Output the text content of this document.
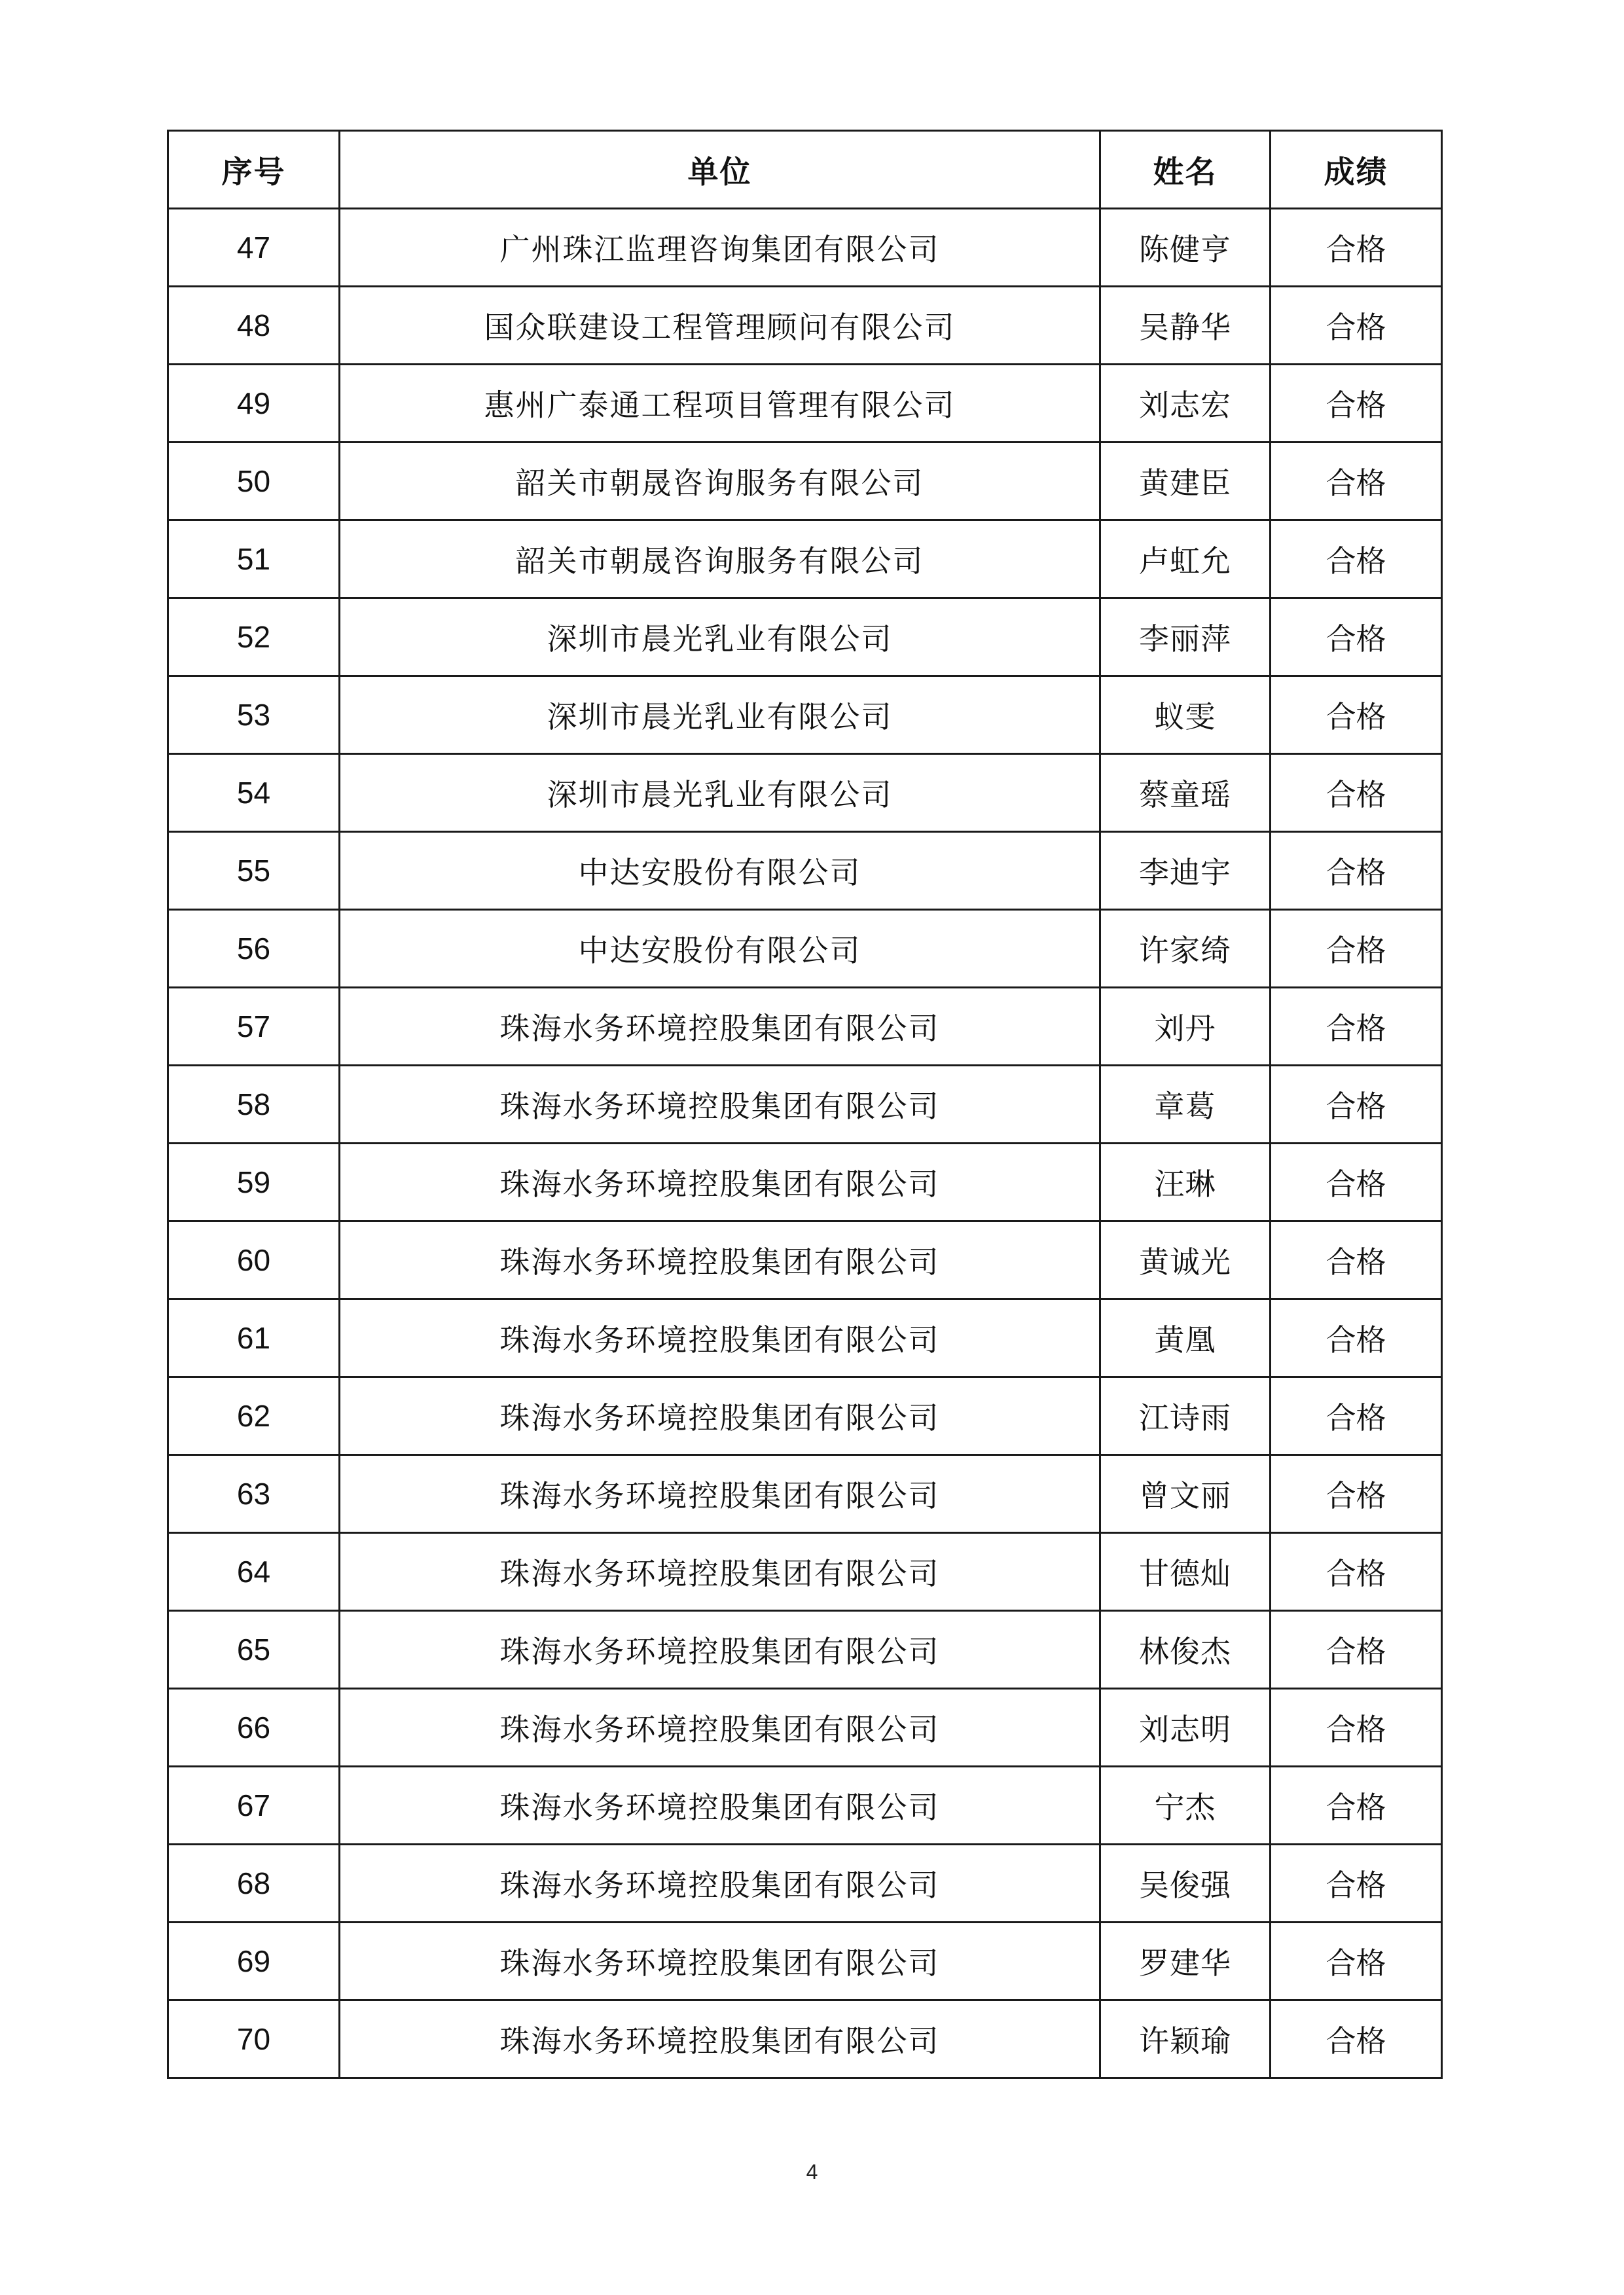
序号	单位	姓名	成绩
47	广州珠江监理咨询集团有限公司	陈健亨	合格
48	国众联建设工程管理顾问有限公司	吴静华	合格
49	惠州广泰通工程项目管理有限公司	刘志宏	合格
50	韶关市朝晟咨询服务有限公司	黄建臣	合格
51	韶关市朝晟咨询服务有限公司	卢虹允	合格
52	深圳市晨光乳业有限公司	李丽萍	合格
53	深圳市晨光乳业有限公司	蚁雯	合格
54	深圳市晨光乳业有限公司	蔡童瑶	合格
55	中达安股份有限公司	李迪宇	合格
56	中达安股份有限公司	许家绮	合格
57	珠海水务环境控股集团有限公司	刘丹	合格
58	珠海水务环境控股集团有限公司	章葛	合格
59	珠海水务环境控股集团有限公司	汪琳	合格
60	珠海水务环境控股集团有限公司	黄诚光	合格
61	珠海水务环境控股集团有限公司	黄凰	合格
62	珠海水务环境控股集团有限公司	江诗雨	合格
63	珠海水务环境控股集团有限公司	曾文丽	合格
64	珠海水务环境控股集团有限公司	甘德灿	合格
65	珠海水务环境控股集团有限公司	林俊杰	合格
66	珠海水务环境控股集团有限公司	刘志明	合格
67	珠海水务环境控股集团有限公司	宁杰	合格
68	珠海水务环境控股集团有限公司	吴俊强	合格
69	珠海水务环境控股集团有限公司	罗建华	合格
70	珠海水务环境控股集团有限公司	许颖瑜	合格
4
